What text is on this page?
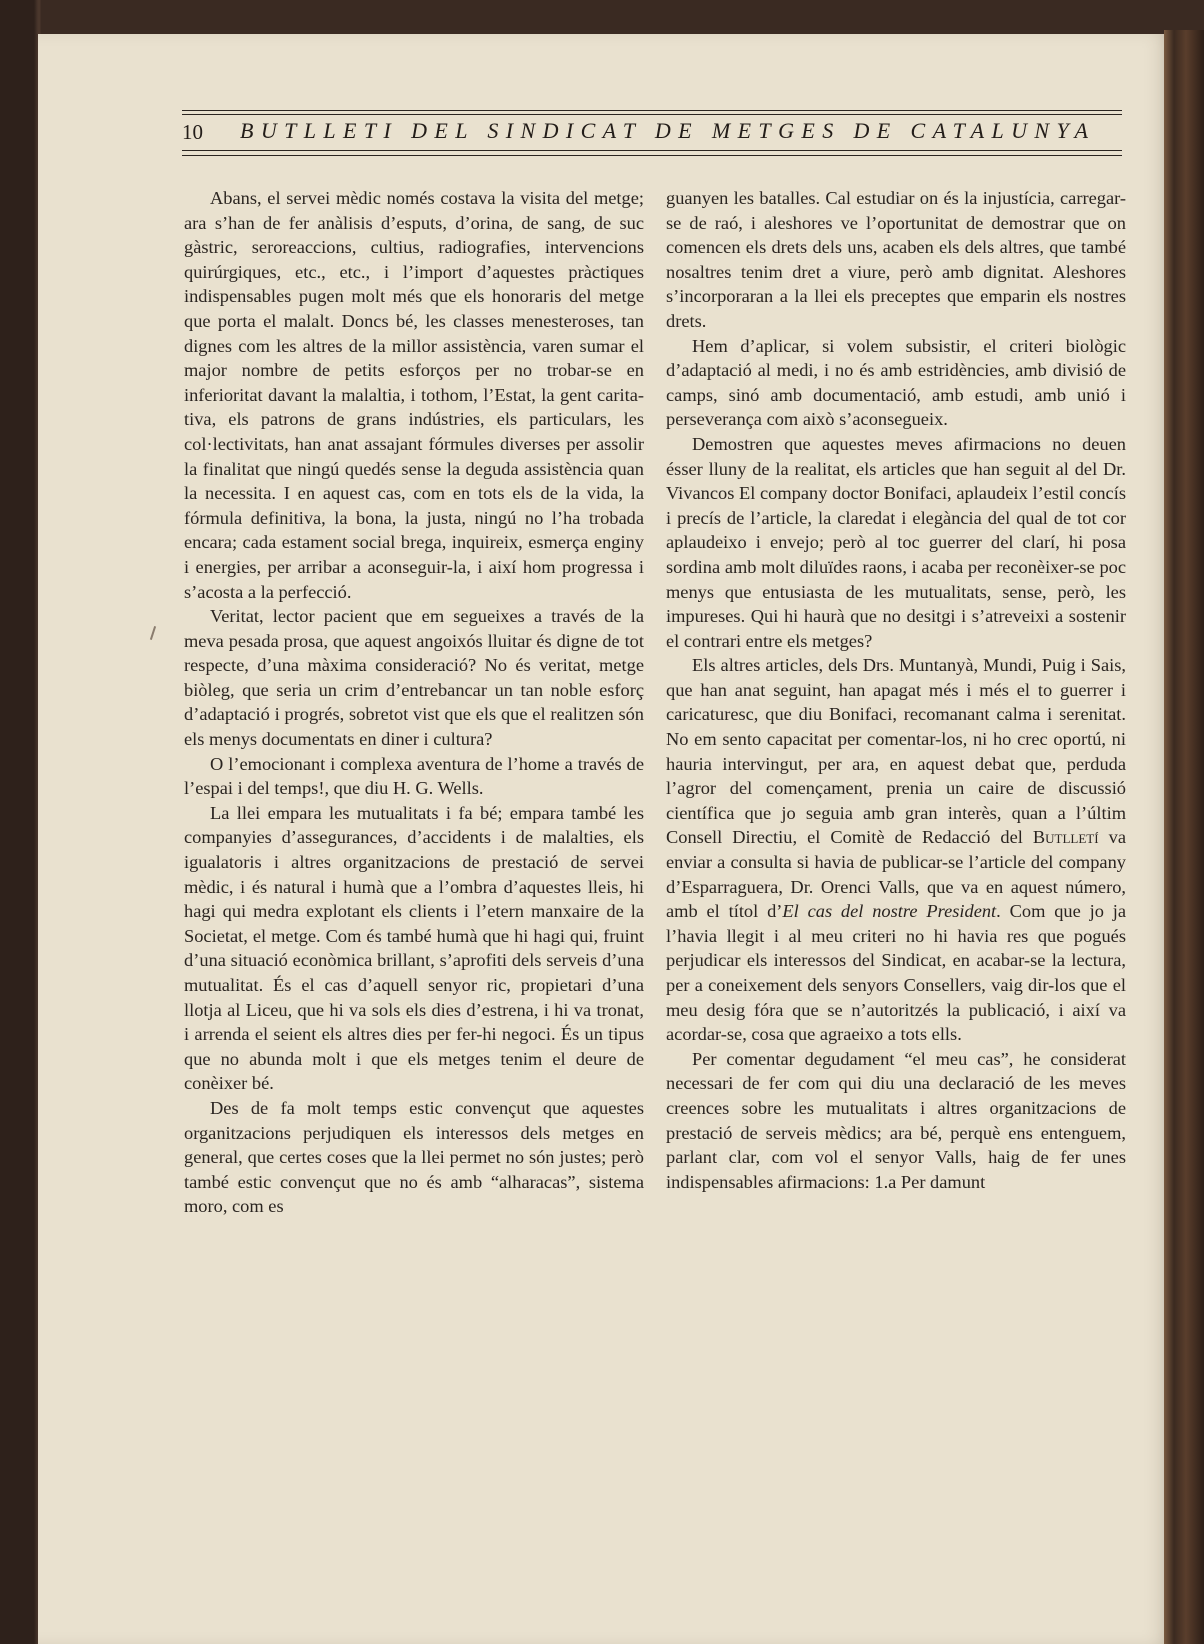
10 BUTLLETI DEL SINDICAT DE METGES DE CATALUNYA

Abans, el servei mèdic només costava la visita del metge; ara s’han de fer anàlisis d’esputs, d’orina, de sang, de suc gàstric, seroreaccions, cultius, radiografies, intervencions quirúrgiques, etc., etc., i l’import d’aquestes pràctiques indispensables pugen molt més que els honoraris del metge que porta el malalt. Doncs bé, les classes menesteroses, tan dignes com les altres de la millor assistència, varen sumar el major nombre de petits esforços per no trobar-se en inferioritat davant la malaltia, i tothom, l’Estat, la gent caritativa, els patrons de grans indústries, els particulars, les col·lectivitats, han anat assajant fórmules diverses per assolir la finalitat que ningú quedés sense la deguda assistència quan la necessita. I en aquest cas, com en tots els de la vida, la fórmula definitiva, la bona, la justa, ningú no l’ha trobada encara; cada estament social brega, inquireix, esmerça enginy i energies, per arribar a aconseguir-la, i així hom progressa i s’acosta a la perfecció.

Veritat, lector pacient que em segueixes a través de la meva pesada prosa, que aquest angoixós lluitar és digne de tot respecte, d’una màxima consideració? No és veritat, metge biòleg, que seria un crim d’entrebancar un tan noble esforç d’adaptació i progrés, sobretot vist que els que el realitzen són els menys documentats en diner i cultura?

O l’emocionant i complexa aventura de l’home a través de l’espai i del temps!, que diu H. G. Wells.

La llei empara les mutualitats i fa bé; empara també les companyies d’assegurances, d’accidents i de malalties, els igualatoris i altres organitzacions de prestació de servei mèdic, i és natural i humà que a l’ombra d’aquestes lleis, hi hagi qui medra explotant els clients i l’etern manxaire de la Societat, el metge. Com és també humà que hi hagi qui, fruint d’una situació econòmica brillant, s’aprofiti dels serveis d’una mutualitat. És el cas d’aquell senyor ric, propietari d’una llotja al Liceu, que hi va sols els dies d’estrena, i hi va tronat, i arrenda el seient els altres dies per fer-hi negoci. És un tipus que no abunda molt i que els metges tenim el deure de conèixer bé.

Des de fa molt temps estic convençut que aquestes organitzacions perjudiquen els interessos dels metges en general, que certes coses que la llei permet no són justes; però també estic convençut que no és amb “alharacas”, sistema moro, com es

guanyen les batalles. Cal estudiar on és la injustícia, carregar-se de raó, i aleshores ve l’oportunitat de demostrar que on comencen els drets dels uns, acaben els dels altres, que també nosaltres tenim dret a viure, però amb dignitat. Aleshores s’incorporaran a la llei els preceptes que emparin els nostres drets.

Hem d’aplicar, si volem subsistir, el criteri biològic d’adaptació al medi, i no és amb estridències, amb divisió de camps, sinó amb documentació, amb estudi, amb unió i perseverança com això s’aconsegueix.

Demostren que aquestes meves afirmacions no deuen ésser lluny de la realitat, els articles que han seguit al del Dr. Vivancos El company doctor Bonifaci, aplaudeix l’estil concís i precís de l’article, la claredat i elegància del qual de tot cor aplaudeixo i envejo; però al toc guerrer del clarí, hi posa sordina amb molt diluïdes raons, i acaba per reconèixer-se poc menys que entusiasta de les mutualitats, sense, però, les impureses. Qui hi haurà que no desitgi i s’atreveixi a sostenir el contrari entre els metges?

Els altres articles, dels Drs. Muntanyà, Mundi, Puig i Sais, que han anat seguint, han apagat més i més el to guerrer i caricaturesc, que diu Bonifaci, recomanant calma i serenitat. No em sento capacitat per comentar-los, ni ho crec oportú, ni hauria intervingut, per ara, en aquest debat que, perduda l’agror del començament, prenia un caire de discussió científica que jo seguia amb gran interès, quan a l’últim Consell Directiu, el Comitè de Redacció del Butlletí va enviar a consulta si havia de publicar-se l’article del company d’Esparraguera, Dr. Orenci Valls, que va en aquest número, amb el títol d’El cas del nostre President. Com que jo ja l’havia llegit i al meu criteri no hi havia res que pogués perjudicar els interessos del Sindicat, en acabar-se la lectura, per a coneixement dels senyors Consellers, vaig dir-los que el meu desig fóra que se n’autoritzés la publicació, i així va acordar-se, cosa que agraeixo a tots ells.

Per comentar degudament “el meu cas”, he considerat necessari de fer com qui diu una declaració de les meves creences sobre les mutualitats i altres organitzacions de prestació de serveis mèdics; ara bé, perquè ens entenguem, parlant clar, com vol el senyor Valls, haig de fer unes indispensables afirmacions: 1.a Per damunt
